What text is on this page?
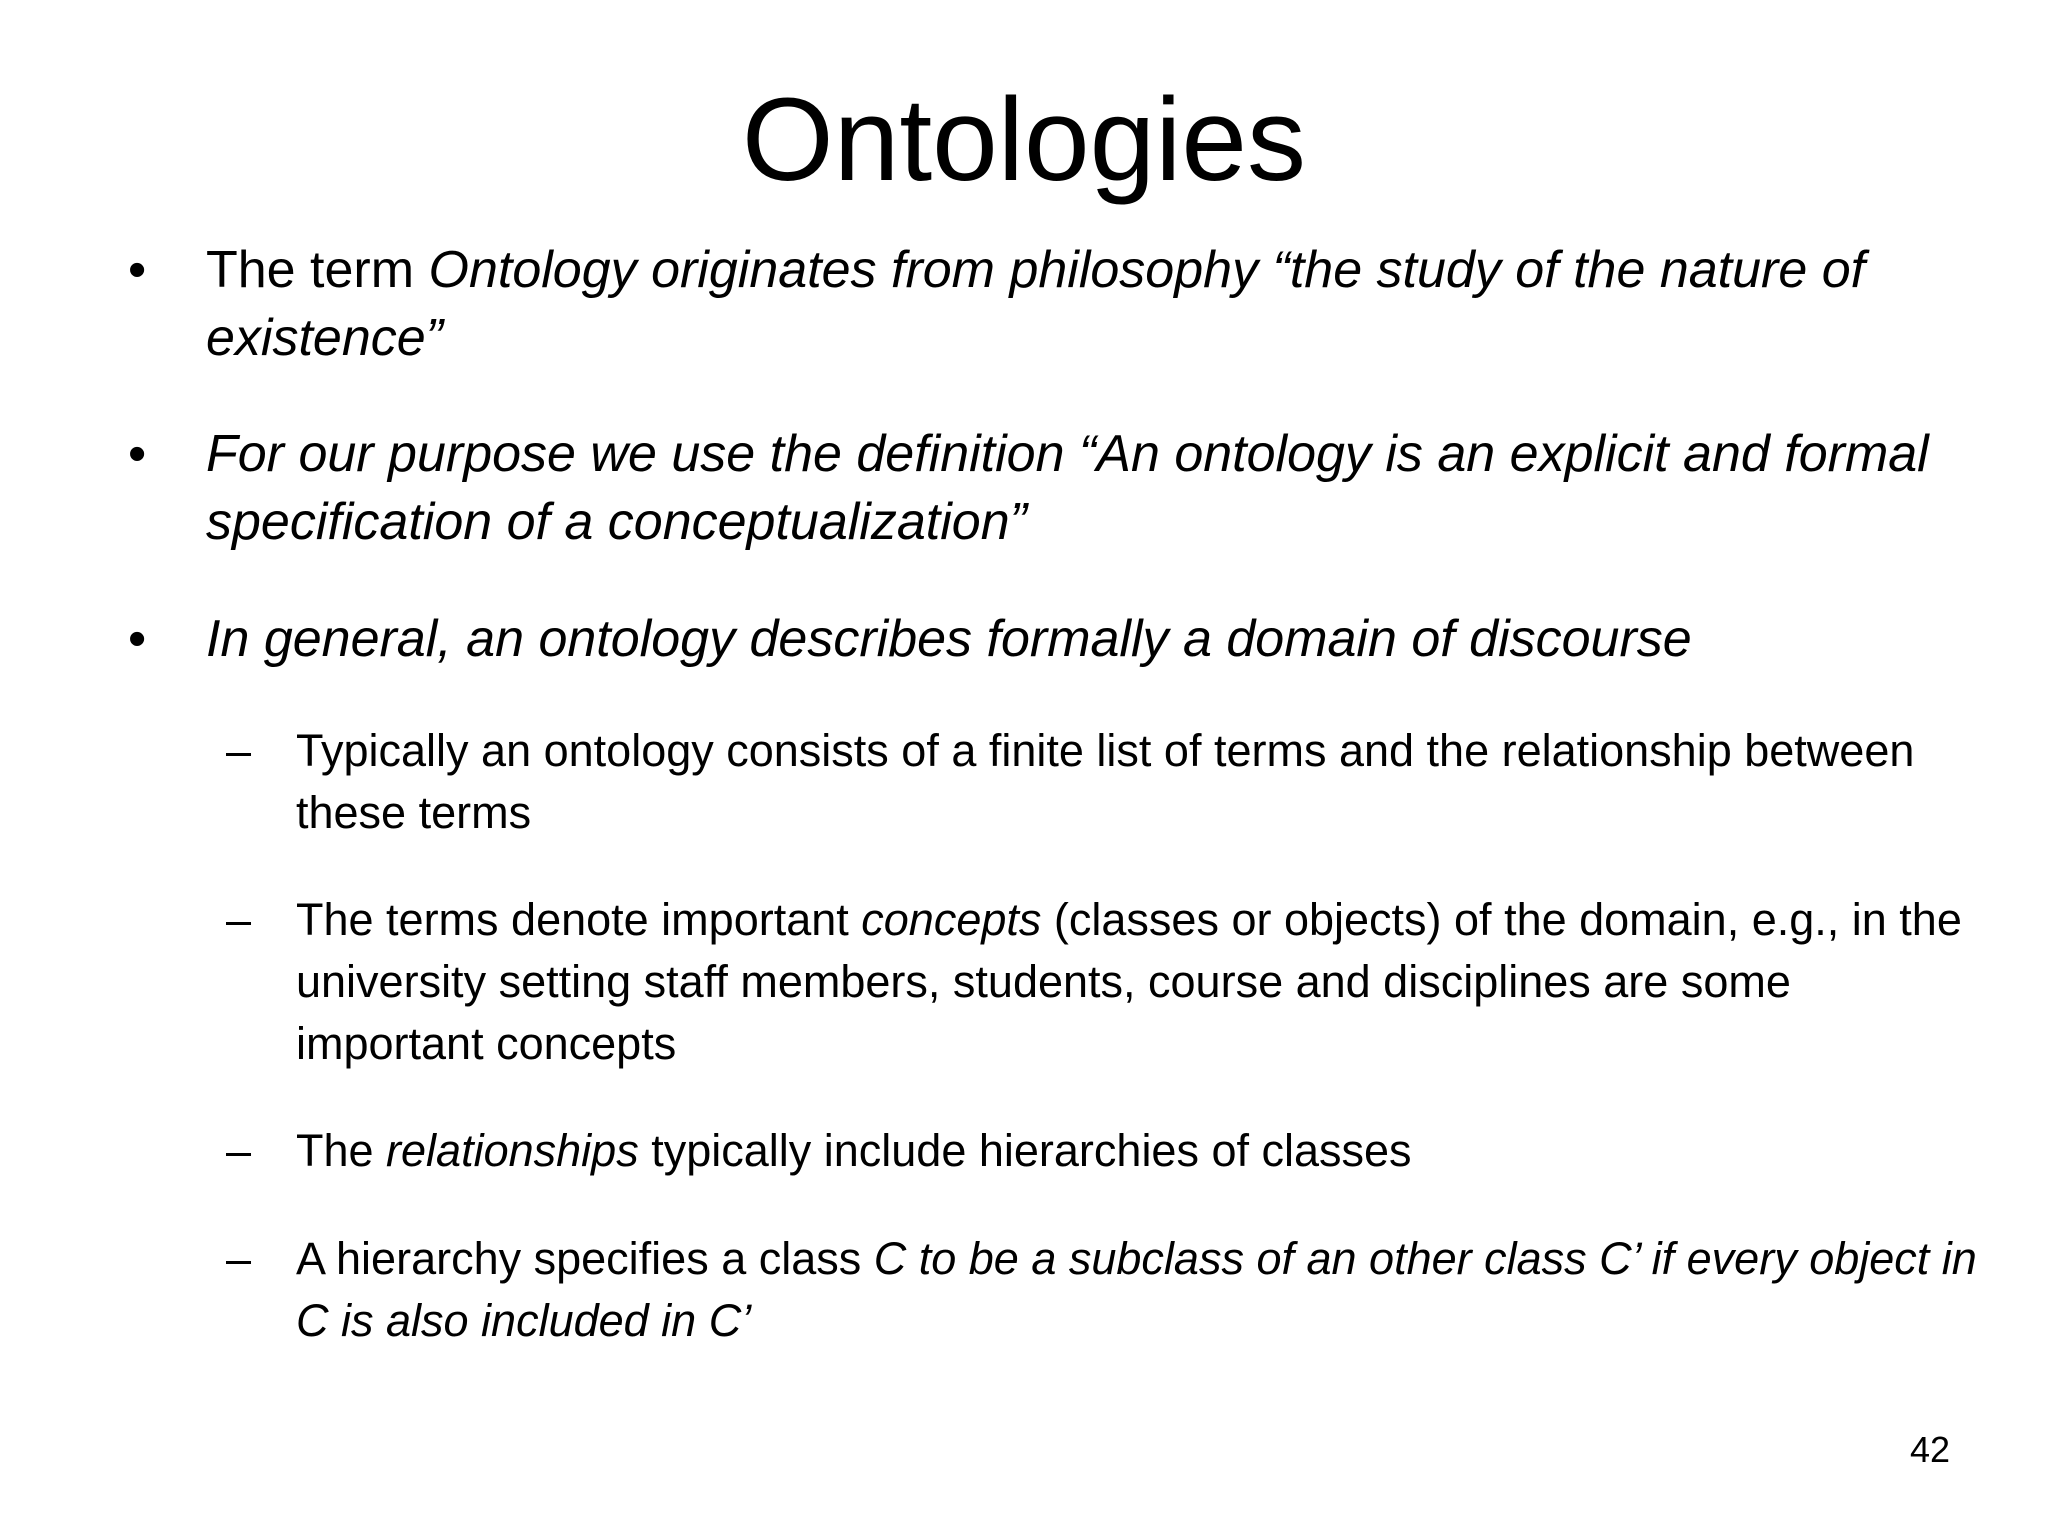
Ontologies

• The term Ontology originates from philosophy “the study of the nature of existence”

• For our purpose we use the definition “An ontology is an explicit and formal specification of a conceptualization”

• In general, an ontology describes formally a domain of discourse

– Typically an ontology consists of a finite list of terms and the relationship between these terms

– The terms denote important concepts (classes or objects) of the domain, e.g., in the university setting staff members, students, course and disciplines are some important concepts

– The relationships typically include hierarchies of classes

– A hierarchy specifies a class C to be a subclass of an other class C’ if every object in C is also included in C’

42
